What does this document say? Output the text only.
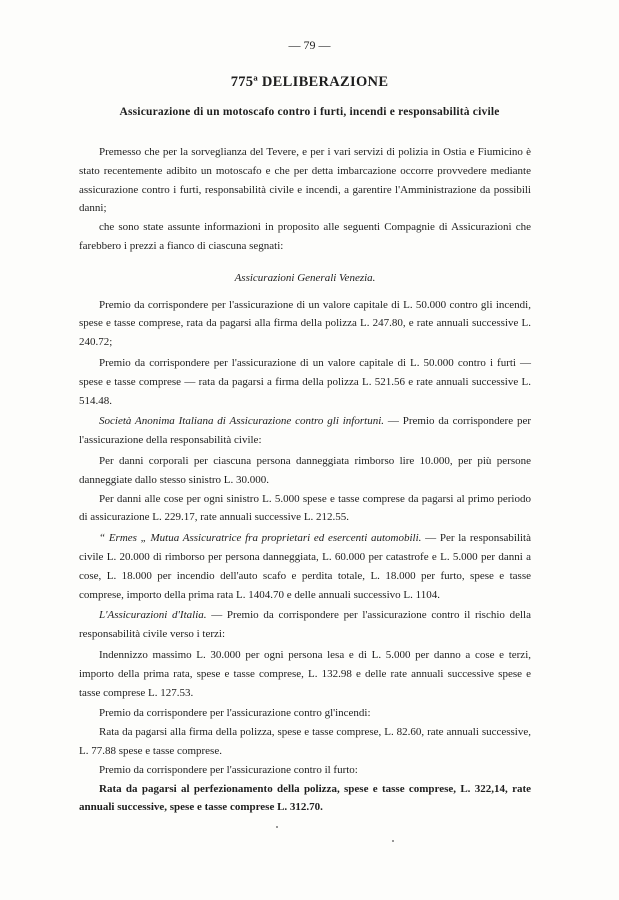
— 79 —
775ª DELIBERAZIONE
Assicurazione di un motoscafo contro i furti, incendi e responsabilità civile

Premesso che per la sorveglianza del Tevere, e per i vari servizi di polizia in Ostia e Fiumicino è stato recentemente adibito un motoscafo e che per detta imbarcazione occorre provvedere mediante assicurazione contro i furti, responsabilità civile e incendi, a garentire l'Amministrazione da possibili danni;

che sono state assunte informazioni in proposito alle seguenti Compagnie di Assicurazioni che farebbero i prezzi a fianco di ciascuna segnati:

Assicurazioni Generali Venezia.

Premio da corrispondere per l'assicurazione di un valore capitale di L. 50.000 contro gli incendi, spese e tasse comprese, rata da pagarsi alla firma della polizza L. 247.80, e rate annuali successive L. 240.72;

Premio da corrispondere per l'assicurazione di un valore capitale di L. 50.000 contro i furti — spese e tasse comprese — rata da pagarsi a firma della polizza L. 521.56 e rate annuali successive L. 514.48.

Società Anonima Italiana di Assicurazione contro gli infortuni. — Premio da corrispondere per l'assicurazione della responsabilità civile:

Per danni corporali per ciascuna persona danneggiata rimborso lire 10.000, per più persone danneggiate dallo stesso sinistro L. 30.000.

Per danni alle cose per ogni sinistro L. 5.000 spese e tasse comprese da pagarsi al primo periodo di assicurazione L. 229.17, rate annuali successive L. 212.55.

“ Ermes „ Mutua Assicuratrice fra proprietari ed esercenti automobili. — Per la responsabilità civile L. 20.000 di rimborso per persona danneggiata, L. 60.000 per catastrofe e L. 5.000 per danni a cose, L. 18.000 per incendio dell'auto scafo e perdita totale, L. 18.000 per furto, spese e tasse comprese, importo della prima rata L. 1404.70 e delle annuali successivo L. 1104.

L'Assicurazioni d'Italia. — Premio da corrispondere per l'assicurazione contro il rischio della responsabilità civile verso i terzi:

Indennizzo massimo L. 30.000 per ogni persona lesa e di L. 5.000 per danno a cose e terzi, importo della prima rata, spese e tasse comprese, L. 132.98 e delle rate annuali successive spese e tasse comprese L. 127.53.

Premio da corrispondere per l'assicurazione contro gl'incendi:

Rata da pagarsi alla firma della polizza, spese e tasse comprese, L. 82.60, rate annuali successive, L. 77.88 spese e tasse comprese.

Premio da corrispondere per l'assicurazione contro il furto:

Rata da pagarsi al perfezionamento della polizza, spese e tasse comprese, L. 322,14, rate annuali successive, spese e tasse comprese L. 312.70.
